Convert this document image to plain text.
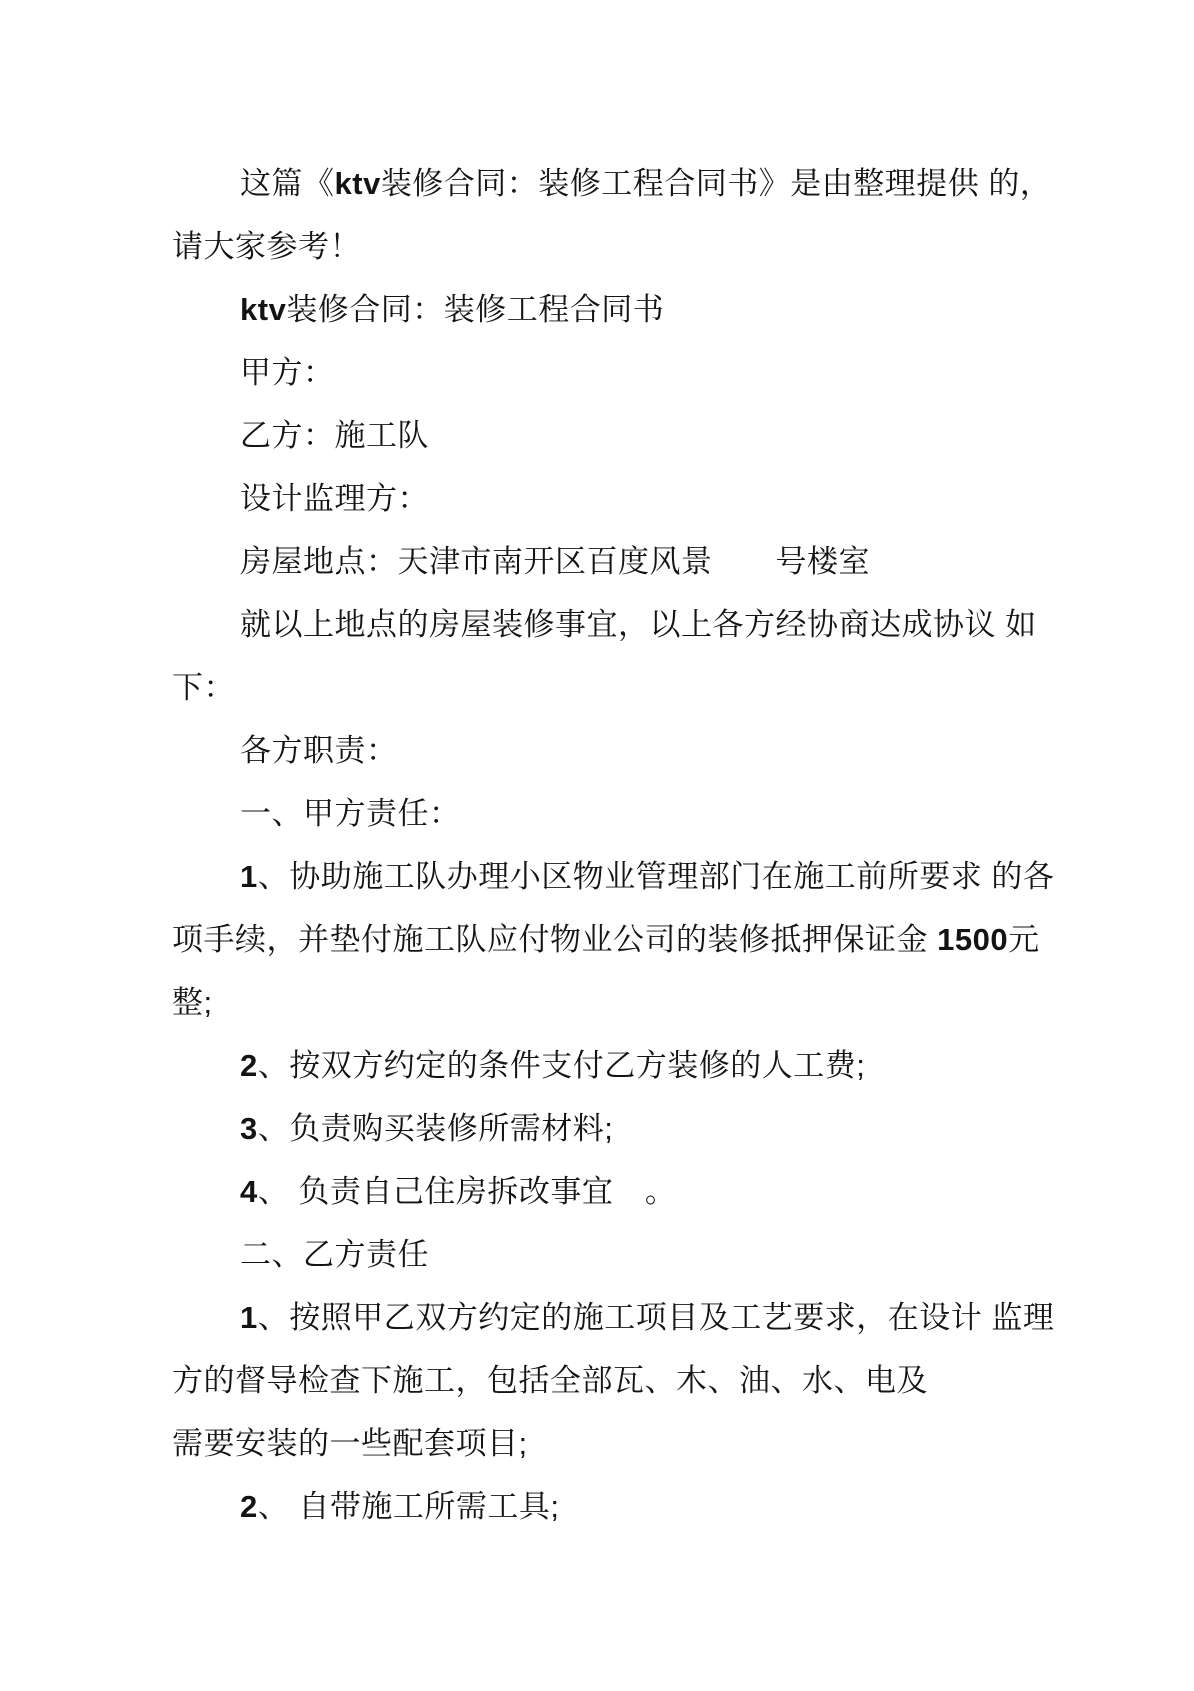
这篇《ktv装修合同：装修工程合同书》是由整理提供 的，

请大家参考！

ktv装修合同：装修工程合同书

甲方：

乙方：施工队

设计监理方：

房屋地点：天津市南开区百度风景　　号楼室

就以上地点的房屋装修事宜，以上各方经协商达成协议 如

下：

各方职责：

一、甲方责任：

1、协助施工队办理小区物业管理部门在施工前所要求 的各

项手续，并垫付施工队应付物业公司的装修抵押保证金 1500元

整;

2、按双方约定的条件支付乙方装修的人工费;

3、负责购买装修所需材料;

4、 负责自己住房拆改事宜　。

二、乙方责任

1、按照甲乙双方约定的施工项目及工艺要求，在设计 监理

方的督导检查下施工，包括全部瓦、木、油、水、电及

需要安装的一些配套项目;

2、 自带施工所需工具;
